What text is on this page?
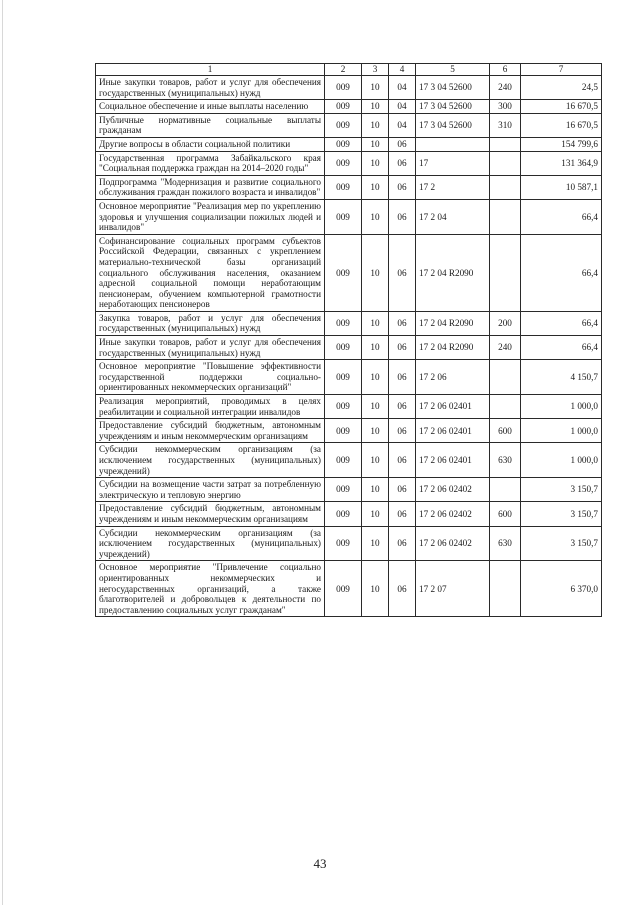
1	2	3	4	5	6	7
Иные закупки товаров, работ и услуг для обеспечения государственных (муниципальных) нужд	009	10	04	17 3 04 52600	240	24,5
Социальное обеспечение и иные выплаты населению	009	10	04	17 3 04 52600	300	16 670,5
Публичные нормативные социальные выплаты гражданам	009	10	04	17 3 04 52600	310	16 670,5
Другие вопросы в области социальной политики	009	10	06			154 799,6
Государственная программа Забайкальского края "Социальная поддержка граждан на 2014–2020 годы"	009	10	06	17		131 364,9
Подпрограмма "Модернизация и развитие социального обслуживания граждан пожилого возраста и инвалидов"	009	10	06	17 2		10 587,1
Основное мероприятие "Реализация мер по укреплению здоровья и улучшения социализации пожилых людей и инвалидов"	009	10	06	17 2 04		66,4
Софинансирование социальных программ субъектов Российской Федерации, связанных с укреплением материально-технической базы организаций социального обслуживания населения, оказанием адресной социальной помощи неработающим пенсионерам, обучением компьютерной грамотности неработающих пенсионеров	009	10	06	17 2 04 R2090		66,4
Закупка товаров, работ и услуг для обеспечения государственных (муниципальных) нужд	009	10	06	17 2 04 R2090	200	66,4
Иные закупки товаров, работ и услуг для обеспечения государственных (муниципальных) нужд	009	10	06	17 2 04 R2090	240	66,4
Основное мероприятие "Повышение эффективности государственной поддержки социально-ориентированных некоммерческих организаций"	009	10	06	17 2 06		4 150,7
Реализация мероприятий, проводимых в целях реабилитации и социальной интеграции инвалидов	009	10	06	17 2 06 02401		1 000,0
Предоставление субсидий бюджетным, автономным учреждениям и иным некоммерческим организациям	009	10	06	17 2 06 02401	600	1 000,0
Субсидии некоммерческим организациям (за исключением государственных (муниципальных) учреждений)	009	10	06	17 2 06 02401	630	1 000,0
Субсидии на возмещение части затрат за потребленную электрическую и тепловую энергию	009	10	06	17 2 06 02402		3 150,7
Предоставление субсидий бюджетным, автономным учреждениям и иным некоммерческим организациям	009	10	06	17 2 06 02402	600	3 150,7
Субсидии некоммерческим организациям (за исключением государственных (муниципальных) учреждений)	009	10	06	17 2 06 02402	630	3 150,7
Основное мероприятие "Привлечение социально ориентированных некоммерческих и негосударственных организаций, а также благотворителей и добровольцев к деятельности по предоставлению социальных услуг гражданам"	009	10	06	17 2 07		6 370,0
43
